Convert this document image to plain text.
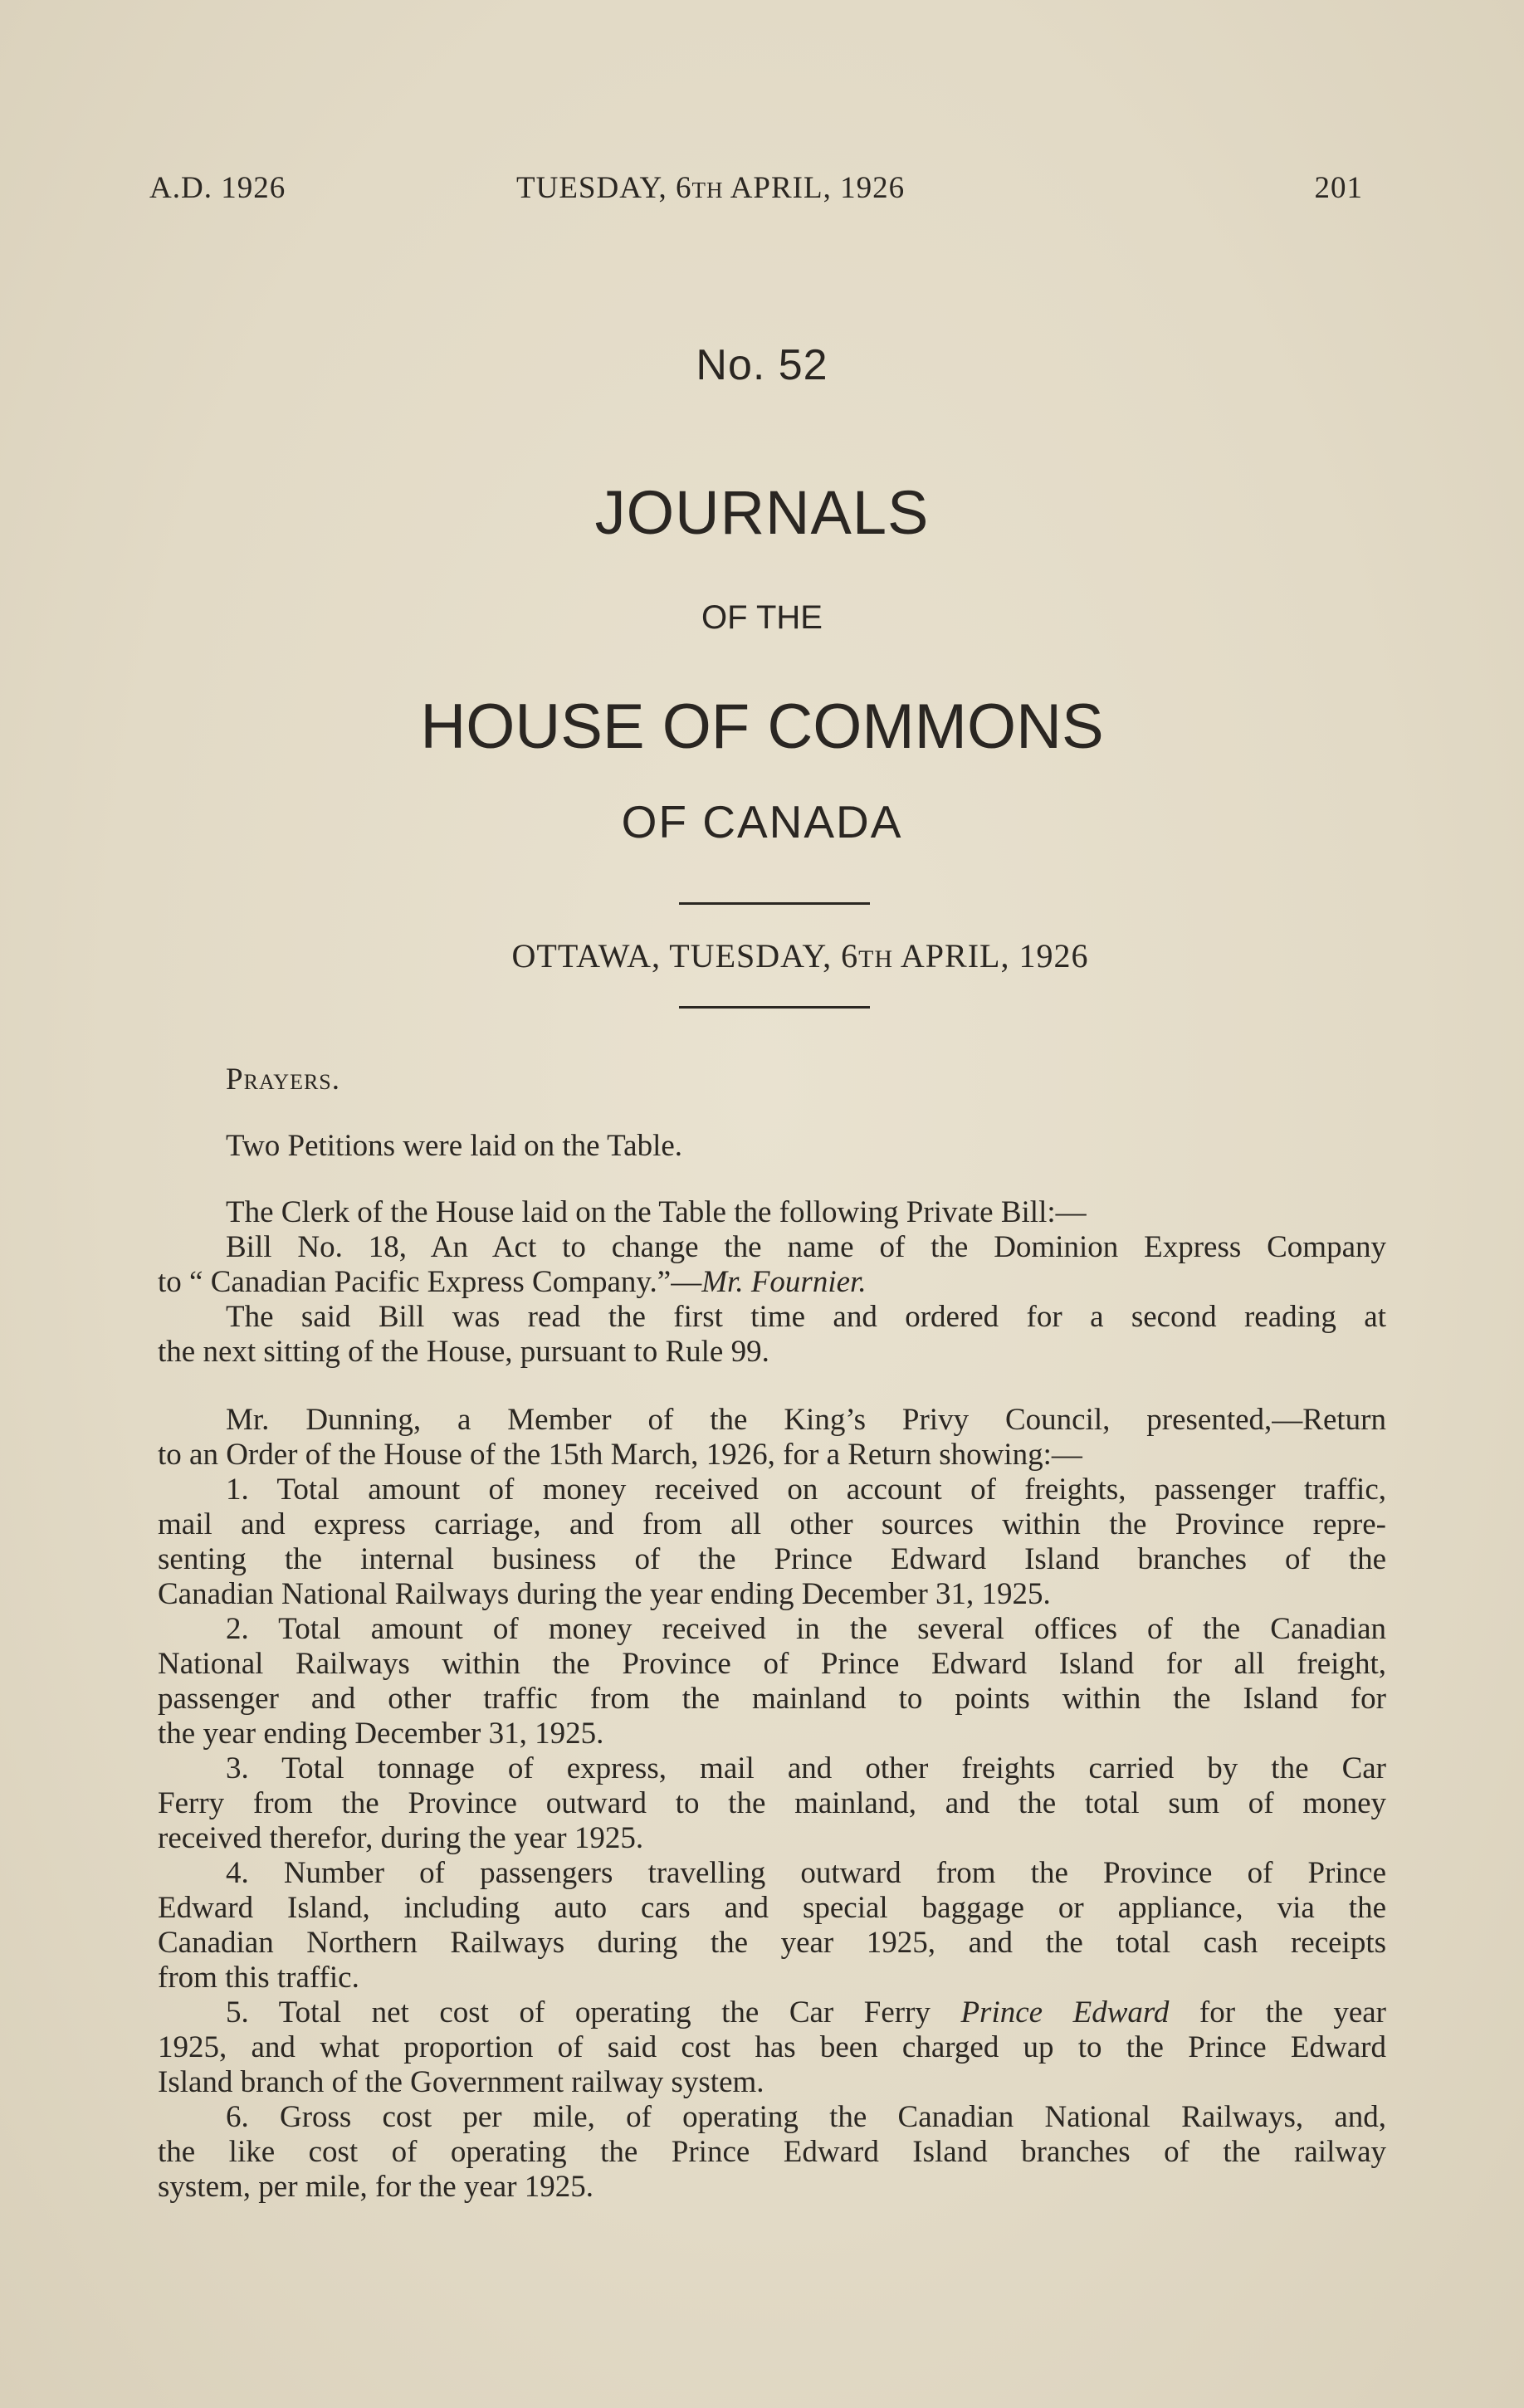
A.D. 1926	TUESDAY, 6TH APRIL, 1926	201
No. 52
JOURNALS
OF THE
HOUSE OF COMMONS
OF CANADA
OTTAWA, TUESDAY, 6TH APRIL, 1926
Prayers.
Two Petitions were laid on the Table.
The Clerk of the House laid on the Table the following Private Bill:—
Bill No. 18, An Act to change the name of the Dominion Express Company
to “ Canadian Pacific Express Company.”—Mr. Fournier.
The said Bill was read the first time and ordered for a second reading at
the next sitting of the House, pursuant to Rule 99.
Mr. Dunning, a Member of the King’s Privy Council, presented,—Return
to an Order of the House of the 15th March, 1926, for a Return showing:—
1. Total amount of money received on account of freights, passenger traffic,
mail and express carriage, and from all other sources within the Province repre-
senting the internal business of the Prince Edward Island branches of the
Canadian National Railways during the year ending December 31, 1925.
2. Total amount of money received in the several offices of the Canadian
National Railways within the Province of Prince Edward Island for all freight,
passenger and other traffic from the mainland to points within the Island for
the year ending December 31, 1925.
3. Total tonnage of express, mail and other freights carried by the Car
Ferry from the Province outward to the mainland, and the total sum of money
received therefor, during the year 1925.
4. Number of passengers travelling outward from the Province of Prince
Edward Island, including auto cars and special baggage or appliance, via the
Canadian Northern Railways during the year 1925, and the total cash receipts
from this traffic.
5. Total net cost of operating the Car Ferry Prince Edward for the year
1925, and what proportion of said cost has been charged up to the Prince Edward
Island branch of the Government railway system.
6. Gross cost per mile, of operating the Canadian National Railways, and,
the like cost of operating the Prince Edward Island branches of the railway
system, per mile, for the year 1925.
